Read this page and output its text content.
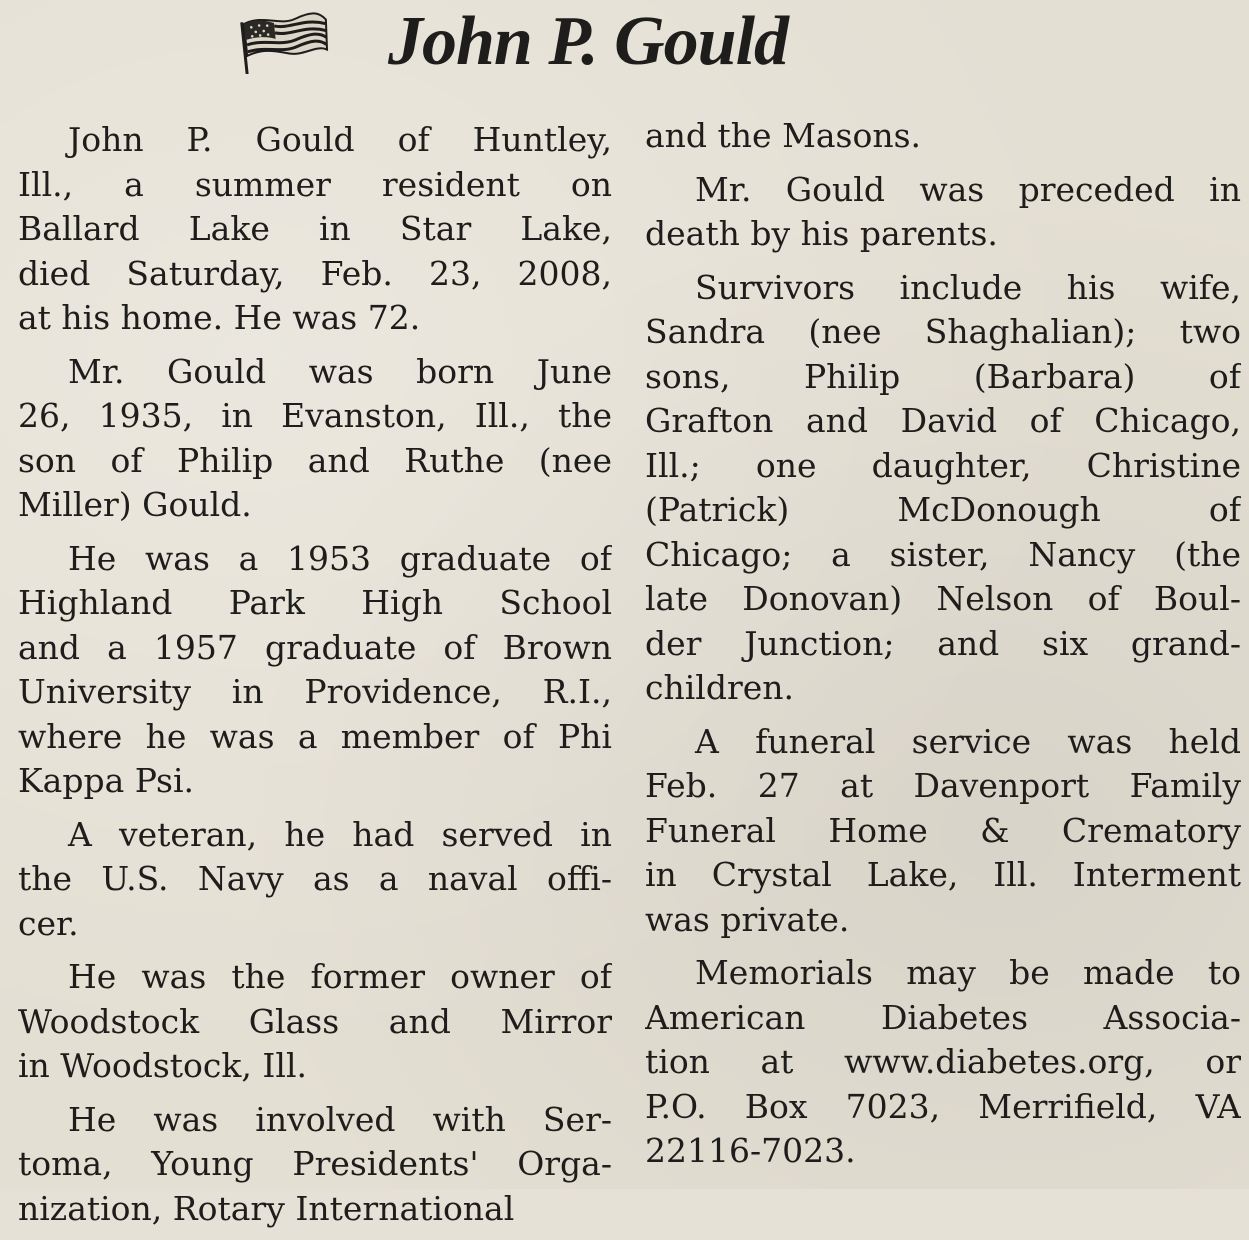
John P. Gould
John P. Gould of Huntley,
Ill., a summer resident on
Ballard Lake in Star Lake,
died Saturday, Feb. 23, 2008,
at his home. He was 72.
Mr. Gould was born June
26, 1935, in Evanston, Ill., the
son of Philip and Ruthe (nee
Miller) Gould.
He was a 1953 graduate of
Highland Park High School
and a 1957 graduate of Brown
University in Providence, R.I.,
where he was a member of Phi
Kappa Psi.
A veteran, he had served in
the U.S. Navy as a naval offi-
cer.
He was the former owner of
Woodstock Glass and Mirror
in Woodstock, Ill.
He was involved with Ser-
toma, Young Presidents' Orga-
nization, Rotary International
and the Masons.
Mr. Gould was preceded in
death by his parents.
Survivors include his wife,
Sandra (nee Shaghalian); two
sons, Philip (Barbara) of
Grafton and David of Chicago,
Ill.; one daughter, Christine
(Patrick) McDonough of
Chicago; a sister, Nancy (the
late Donovan) Nelson of Boul-
der Junction; and six grand-
children.
A funeral service was held
Feb. 27 at Davenport Family
Funeral Home & Crematory
in Crystal Lake, Ill. Interment
was private.
Memorials may be made to
American Diabetes Associa-
tion at www.diabetes.org, or
P.O. Box 7023, Merrifield, VA
22116-7023.
